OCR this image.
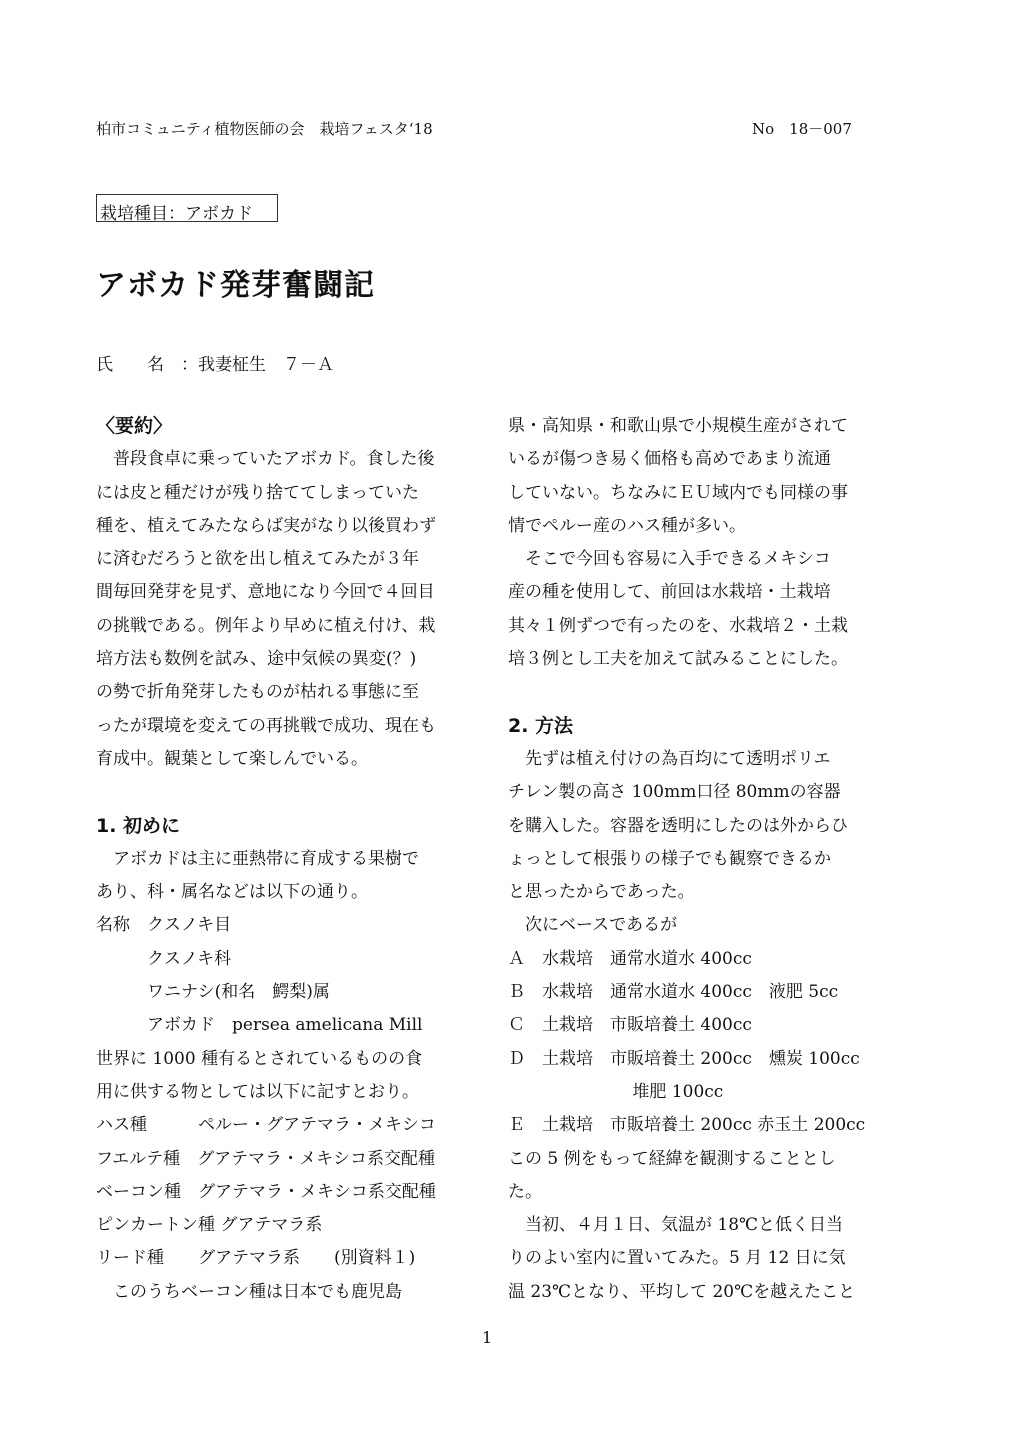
柏市コミュニティ植物医師の会　栽培フェスタ‘18	No　18－007
栽培種目：アボカド
アボカド発芽奮闘記
氏　　名　：我妻柾生　７－Ａ
〈要約〉
　普段食卓に乗っていたアボカド。食した後
には皮と種だけが残り捨ててしまっていた
種を、植えてみたならば実がなり以後買わず
に済むだろうと欲を出し植えてみたが３年
間毎回発芽を見ず、意地になり今回で４回目
の挑戦である。例年より早めに植え付け、栽
培方法も数例を試み、途中気候の異変(？)
の勢で折角発芽したものが枯れる事態に至
ったが環境を変えての再挑戦で成功、現在も
育成中。観葉として楽しんでいる。
1. 初めに
　アボカドは主に亜熱帯に育成する果樹で
あり、科・属名などは以下の通り。
名称　クスノキ目
　　　クスノキ科
　　　ワニナシ(和名　鰐梨)属
　　　アボカド　persea amelicana Mill
世界に 1000 種有るとされているものの食
用に供する物としては以下に記すとおり。
ハス種　　　ペルー・グアテマラ・メキシコ
フエルテ種　グアテマラ・メキシコ系交配種
ベーコン種　グアテマラ・メキシコ系交配種
ピンカートン種 グアテマラ系
リード種　　グアテマラ系　　(別資料１)
　このうちベーコン種は日本でも鹿児島
県・高知県・和歌山県で小規模生産がされて
いるが傷つき易く価格も高めであまり流通
していない。ちなみにＥＵ域内でも同様の事
情でペルー産のハス種が多い。
　そこで今回も容易に入手できるメキシコ
産の種を使用して、前回は水栽培・土栽培
其々１例ずつで有ったのを、水栽培２・土栽
培３例とし工夫を加えて試みることにした。
2. 方法
　先ずは植え付けの為百均にて透明ポリエ
チレン製の高さ 100mm口径 80mmの容器
を購入した。容器を透明にしたのは外からひ
ょっとして根張りの様子でも観察できるか
と思ったからであった。
　次にベースであるが
Ａ　水栽培　通常水道水 400cc
Ｂ　水栽培　通常水道水 400cc　液肥 5cc
Ｃ　土栽培　市販培養土 400cc
Ｄ　土栽培　市販培養土 200cc　燻炭 100cc
　　　　　　　 堆肥 100cc
Ｅ　土栽培　市販培養土 200cc 赤玉土 200cc
この 5 例をもって経緯を観測することとし
た。
　当初、４月１日、気温が 18℃と低く日当
りのよい室内に置いてみた。5 月 12 日に気
温 23℃となり、平均して 20℃を越えたこと
1
